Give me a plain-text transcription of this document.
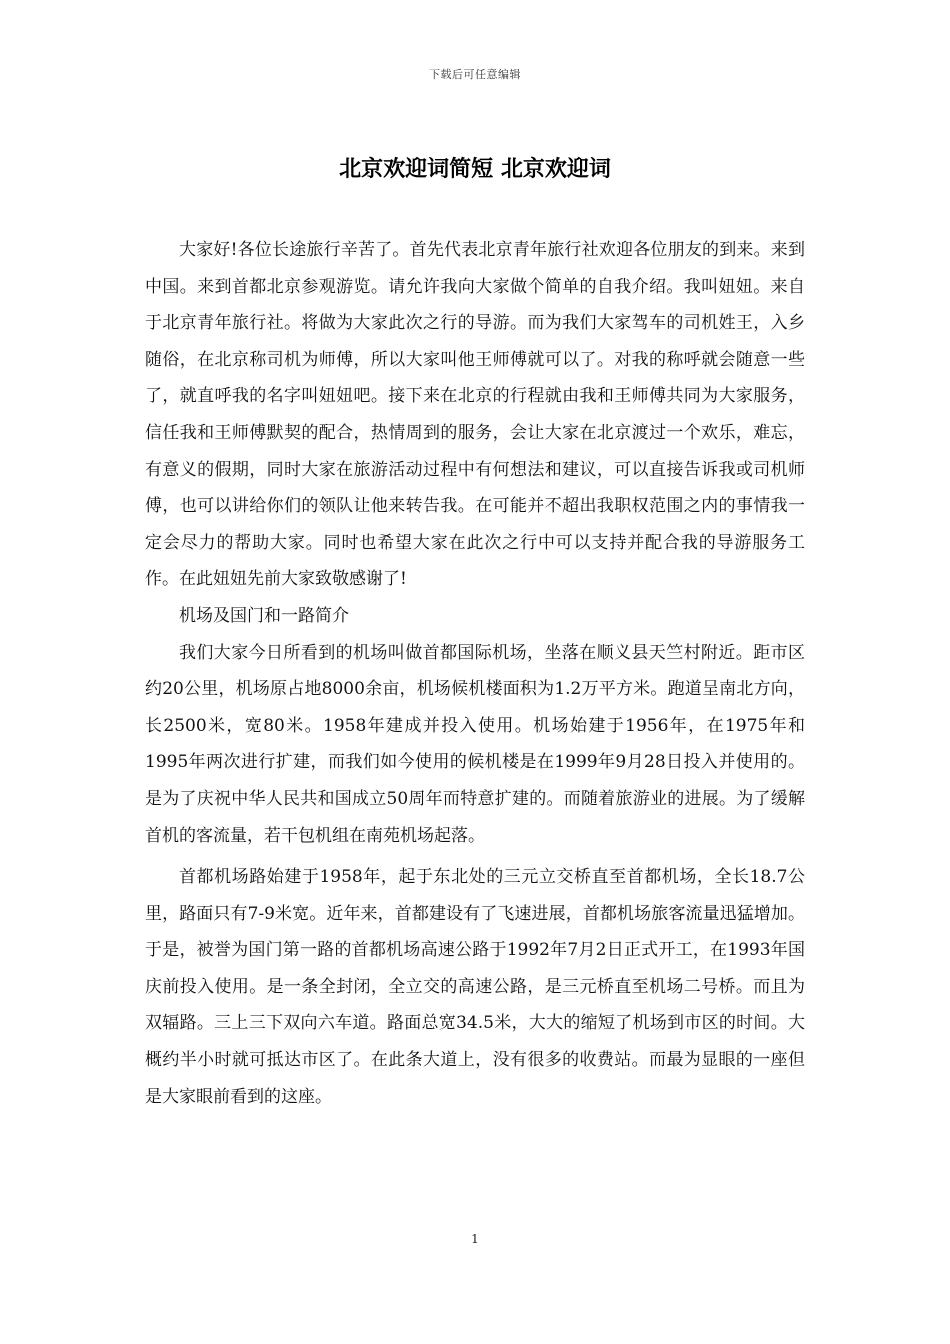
下载后可任意编辑
北京欢迎词简短 北京欢迎词

大家好!各位长途旅行辛苦了。首先代表北京青年旅行社欢迎各位朋友的到来。来到中国。来到首都北京参观游览。请允许我向大家做个简单的自我介绍。我叫妞妞。来自于北京青年旅行社。将做为大家此次之行的导游。而为我们大家驾车的司机姓王，入乡随俗，在北京称司机为师傅，所以大家叫他王师傅就可以了。对我的称呼就会随意一些了，就直呼我的名字叫妞妞吧。接下来在北京的行程就由我和王师傅共同为大家服务，信任我和王师傅默契的配合，热情周到的服务，会让大家在北京渡过一个欢乐，难忘，有意义的假期，同时大家在旅游活动过程中有何想法和建议，可以直接告诉我或司机师傅，也可以讲给你们的领队让他来转告我。在可能并不超出我职权范围之内的事情我一定会尽力的帮助大家。同时也希望大家在此次之行中可以支持并配合我的导游服务工作。在此妞妞先前大家致敬感谢了!

机场及国门和一路简介

我们大家今日所看到的机场叫做首都国际机场，坐落在顺义县天竺村附近。距市区约20公里，机场原占地8000余亩，机场候机楼面积为1.2万平方米。跑道呈南北方向，长2500米，宽80米。1958年建成并投入使用。机场始建于1956年，在1975年和1995年两次进行扩建，而我们如今使用的候机楼是在1999年9月28日投入并使用的。是为了庆祝中华人民共和国成立50周年而特意扩建的。而随着旅游业的进展。为了缓解首机的客流量，若干包机组在南苑机场起落。

首都机场路始建于1958年，起于东北处的三元立交桥直至首都机场，全长18.7公里，路面只有7-9米宽。近年来，首都建设有了飞速进展，首都机场旅客流量迅猛增加。于是，被誉为国门第一路的首都机场高速公路于1992年7月2日正式开工，在1993年国庆前投入使用。是一条全封闭，全立交的高速公路，是三元桥直至机场二号桥。而且为双辐路。三上三下双向六车道。路面总宽34.5米，大大的缩短了机场到市区的时间。大概约半小时就可抵达市区了。在此条大道上，没有很多的收费站。而最为显眼的一座但是大家眼前看到的这座。

1
